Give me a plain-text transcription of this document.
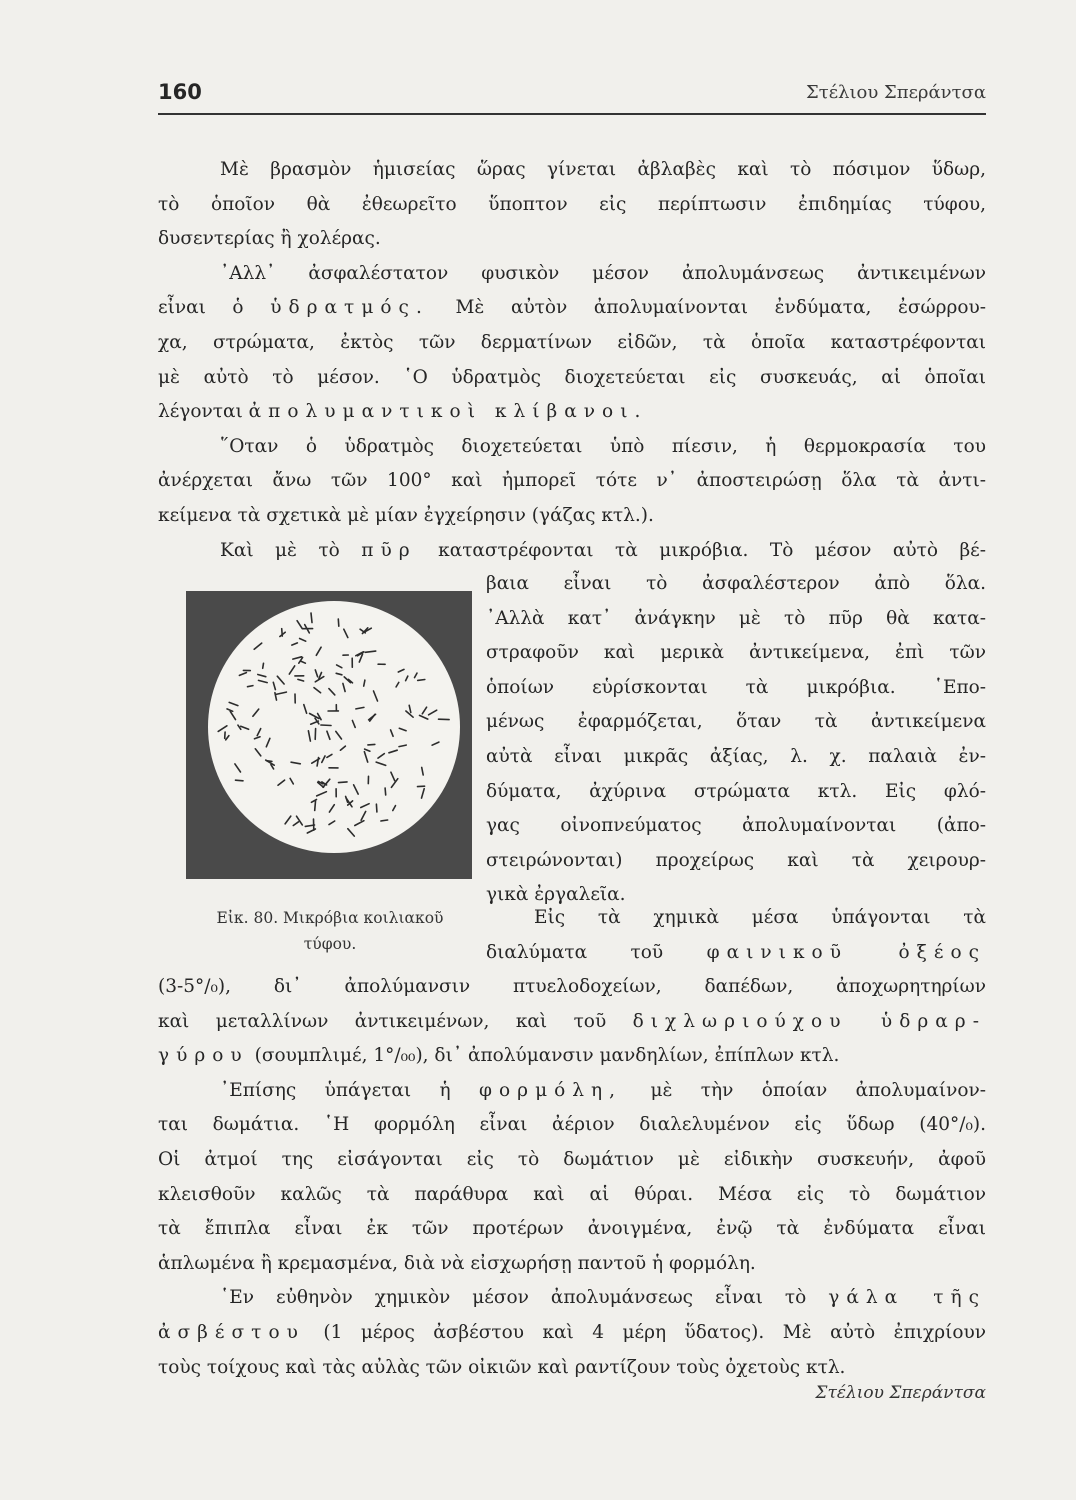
160	Στέλιου Σπεράντσα

Μὲ βρασμὸν ἡμισείας ὥρας γίνεται ἀβλαβὲς καὶ τὸ πόσιμον ὕδωρ,
τὸ ὁποῖον θὰ ἐθεωρεῖτο ὕποπτον εἰς περίπτωσιν ἐπιδημίας τύφου,
δυσεντερίας ἢ χολέρας.

᾿Αλλ᾿ ἀσφαλέστατον φυσικὸν μέσον ἀπολυμάνσεως ἀντικειμένων
εἶναι ὁ ὑδρατμός. Μὲ αὐτὸν ἀπολυμαίνονται ἐνδύματα, ἐσώρρου-
χα, στρώματα, ἐκτὸς τῶν δερματίνων εἰδῶν, τὰ ὁποῖα καταστρέφονται
μὲ αὐτὸ τὸ μέσον. ῾Ο ὑδρατμὸς διοχετεύεται εἰς συσκευάς, αἱ ὁποῖαι
λέγονται ἀπολυμαντικοὶ κλίβανοι.

῞Οταν ὁ ὑδρατμὸς διοχετεύεται ὑπὸ πίεσιν, ἡ θερμοκρασία του
ἀνέρχεται ἄνω τῶν 100° καὶ ἠμπορεῖ τότε ν᾿ ἀποστειρώσῃ ὅλα τὰ ἀντι-
κείμενα τὰ σχετικὰ μὲ μίαν ἐγχείρησιν (γάζας κτλ.).

Καὶ μὲ τὸ πῦρ καταστρέφονται τὰ μικρόβια. Τὸ μέσον αὐτὸ βέ-

Εἰκ. 80. Μικρόβια κοιλιακοῦ
τύφου.
βαια εἶναι τὸ ἀσφαλέστερον ἀπὸ ὅλα.
᾿Αλλὰ κατ᾿ ἀνάγκην μὲ τὸ πῦρ θὰ κατα-
στραφοῦν καὶ μερικὰ ἀντικείμενα, ἐπὶ τῶν
ὁποίων εὑρίσκονται τὰ μικρόβια. ῾Επο-
μένως ἐφαρμόζεται, ὅταν τὰ ἀντικείμενα
αὐτὰ εἶναι μικρᾶς ἀξίας, λ. χ. παλαιὰ ἐν-
δύματα, ἀχύρινα στρώματα κτλ. Εἰς φλό-
γας οἰνοπνεύματος ἀπολυμαίνονται (ἀπο-
στειρώνονται) προχείρως καὶ τὰ χειρουρ-
γικὰ ἐργαλεῖα.
Εἰς τὰ χημικὰ μέσα ὑπάγονται τὰ
διαλύματα τοῦ φαινικοῦ ὀξέος

(3-5°/₀), δι᾿ ἀπολύμανσιν πτυελοδοχείων, δαπέδων, ἀποχωρητηρίων
καὶ μεταλλίνων ἀντικειμένων, καὶ τοῦ διχλωριούχου ὑδραρ-
γύρου (σουμπλιμέ, 1°/₀₀), δι᾿ ἀπολύμανσιν μανδηλίων, ἐπίπλων κτλ.

᾿Επίσης ὑπάγεται ἡ φορμόλη, μὲ τὴν ὁποίαν ἀπολυμαίνον-
ται δωμάτια. ῾Η φορμόλη εἶναι ἀέριον διαλελυμένον εἰς ὕδωρ (40°/₀).
Οἱ ἀτμοί της εἰσάγονται εἰς τὸ δωμάτιον μὲ εἰδικὴν συσκευήν, ἀφοῦ
κλεισθοῦν καλῶς τὰ παράθυρα καὶ αἱ θύραι. Μέσα εἰς τὸ δωμάτιον
τὰ ἔπιπλα εἶναι ἐκ τῶν προτέρων ἀνοιγμένα, ἐνῷ τὰ ἐνδύματα εἶναι
ἁπλωμένα ἢ κρεμασμένα, διὰ νὰ εἰσχωρήσῃ παντοῦ ἡ φορμόλη.

῾Εν εὐθηνὸν χημικὸν μέσον ἀπολυμάνσεως εἶναι τὸ γάλα τῆς
ἀσβέστου (1 μέρος ἀσβέστου καὶ 4 μέρη ὕδατος). Μὲ αὐτὸ ἐπιχρίουν
τοὺς τοίχους καὶ τὰς αὐλὰς τῶν οἰκιῶν καὶ ραντίζουν τοὺς ὀχετοὺς κτλ.

Στέλιου Σπεράντσα
